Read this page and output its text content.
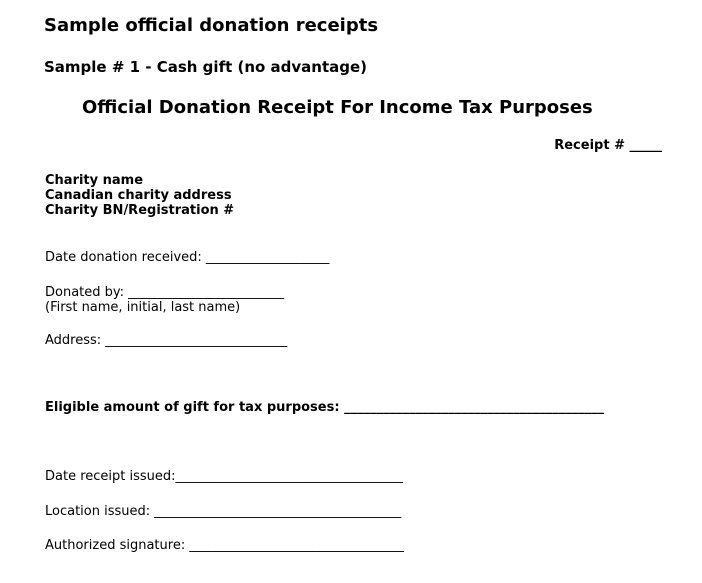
Sample official donation receipts
Sample # 1 - Cash gift (no advantage)
Official Donation Receipt For Income Tax Purposes
Receipt # _____
Charity name
Canadian charity address
Charity BN/Registration #
Date donation received: ___________________
Donated by: ________________________
(First name, initial, last name)
Address: ____________________________
Eligible amount of gift for tax purposes: ________________________________________
Date receipt issued:___________________________________
Location issued: ______________________________________
Authorized signature: _________________________________
